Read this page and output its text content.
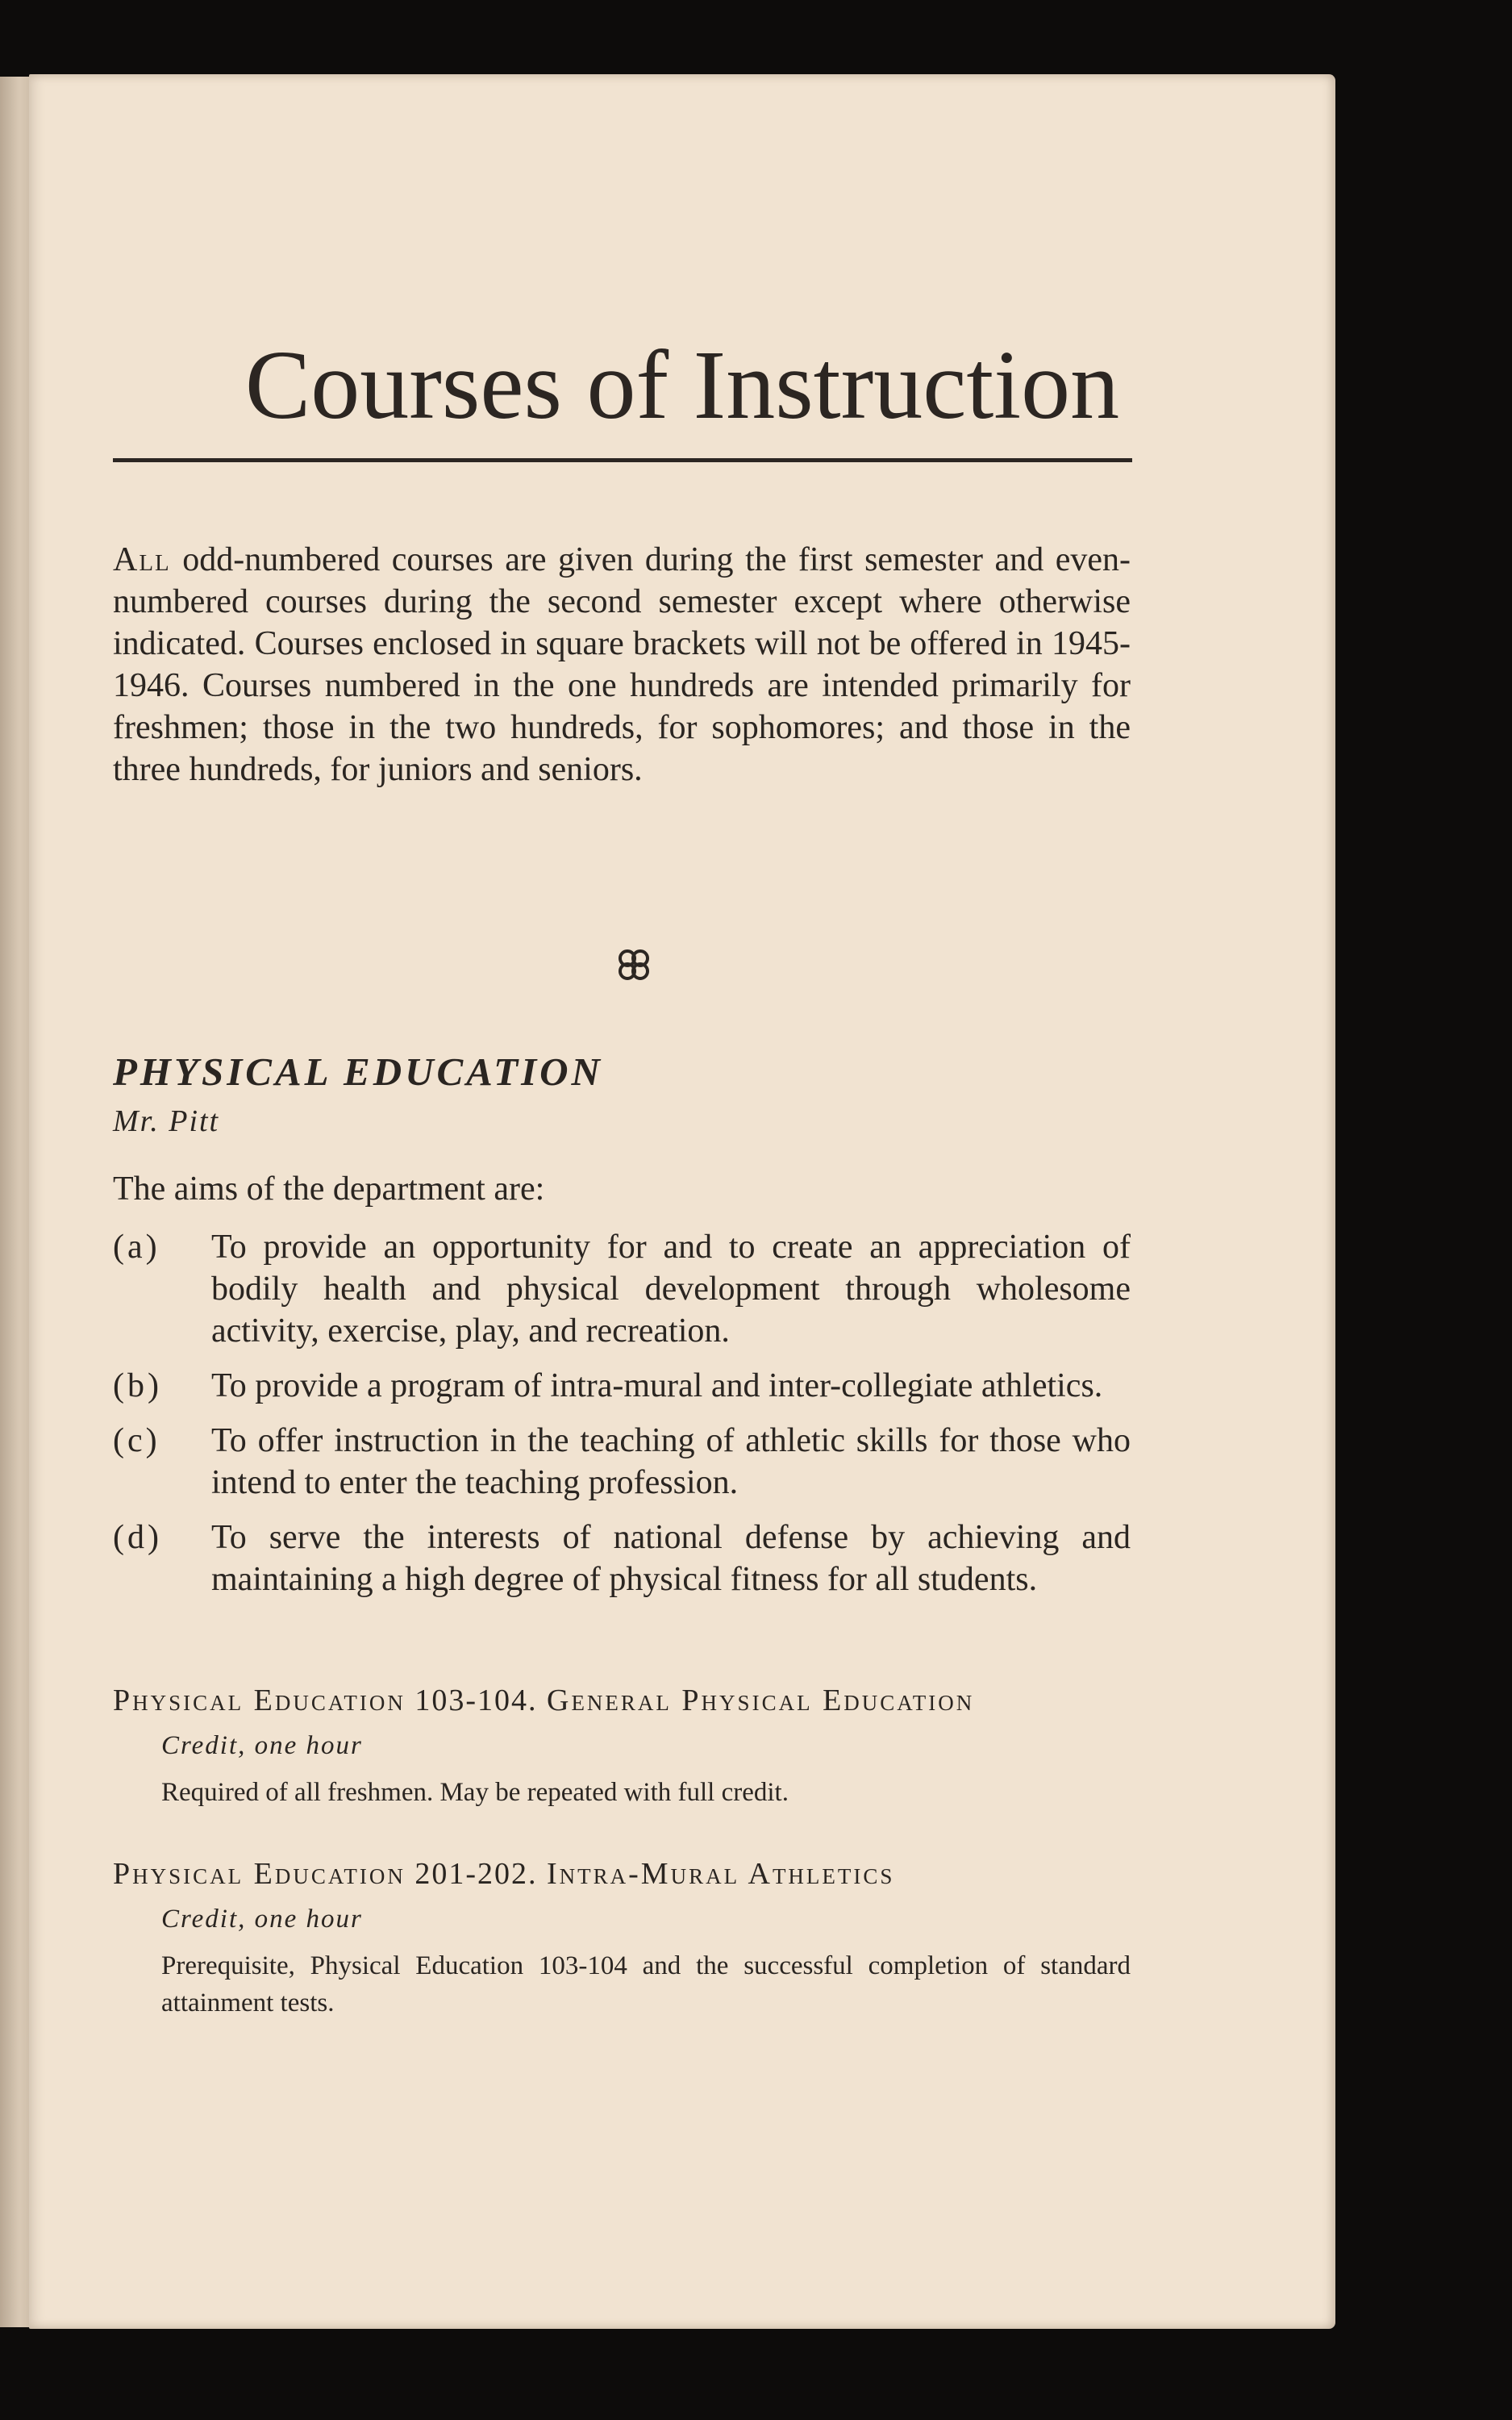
Courses of Instruction

All odd-numbered courses are given during the first semester and even-numbered courses during the second semester except where otherwise indicated. Courses enclosed in square brackets will not be offered in 1945-1946. Courses numbered in the one hundreds are intended primarily for freshmen; those in the two hundreds, for sophomores; and those in the three hundreds, for juniors and seniors.

PHYSICAL EDUCATION
Mr. Pitt
The aims of the department are:
(a)	To provide an opportunity for and to create an appreciation of bodily health and physical development through wholesome activity, exercise, play, and recreation.
(b)	To provide a program of intra-mural and inter-collegiate athletics.
(c)	To offer instruction in the teaching of athletic skills for those who intend to enter the teaching profession.
(d)	To serve the interests of national defense by achieving and maintaining a high degree of physical fitness for all students.

Physical Education 103-104. General Physical Education

Credit, one hour
Required of all freshmen. May be repeated with full credit.

Physical Education 201-202. Intra-Mural Athletics

Credit, one hour
Prerequisite, Physical Education 103-104 and the successful completion of standard attainment tests.
